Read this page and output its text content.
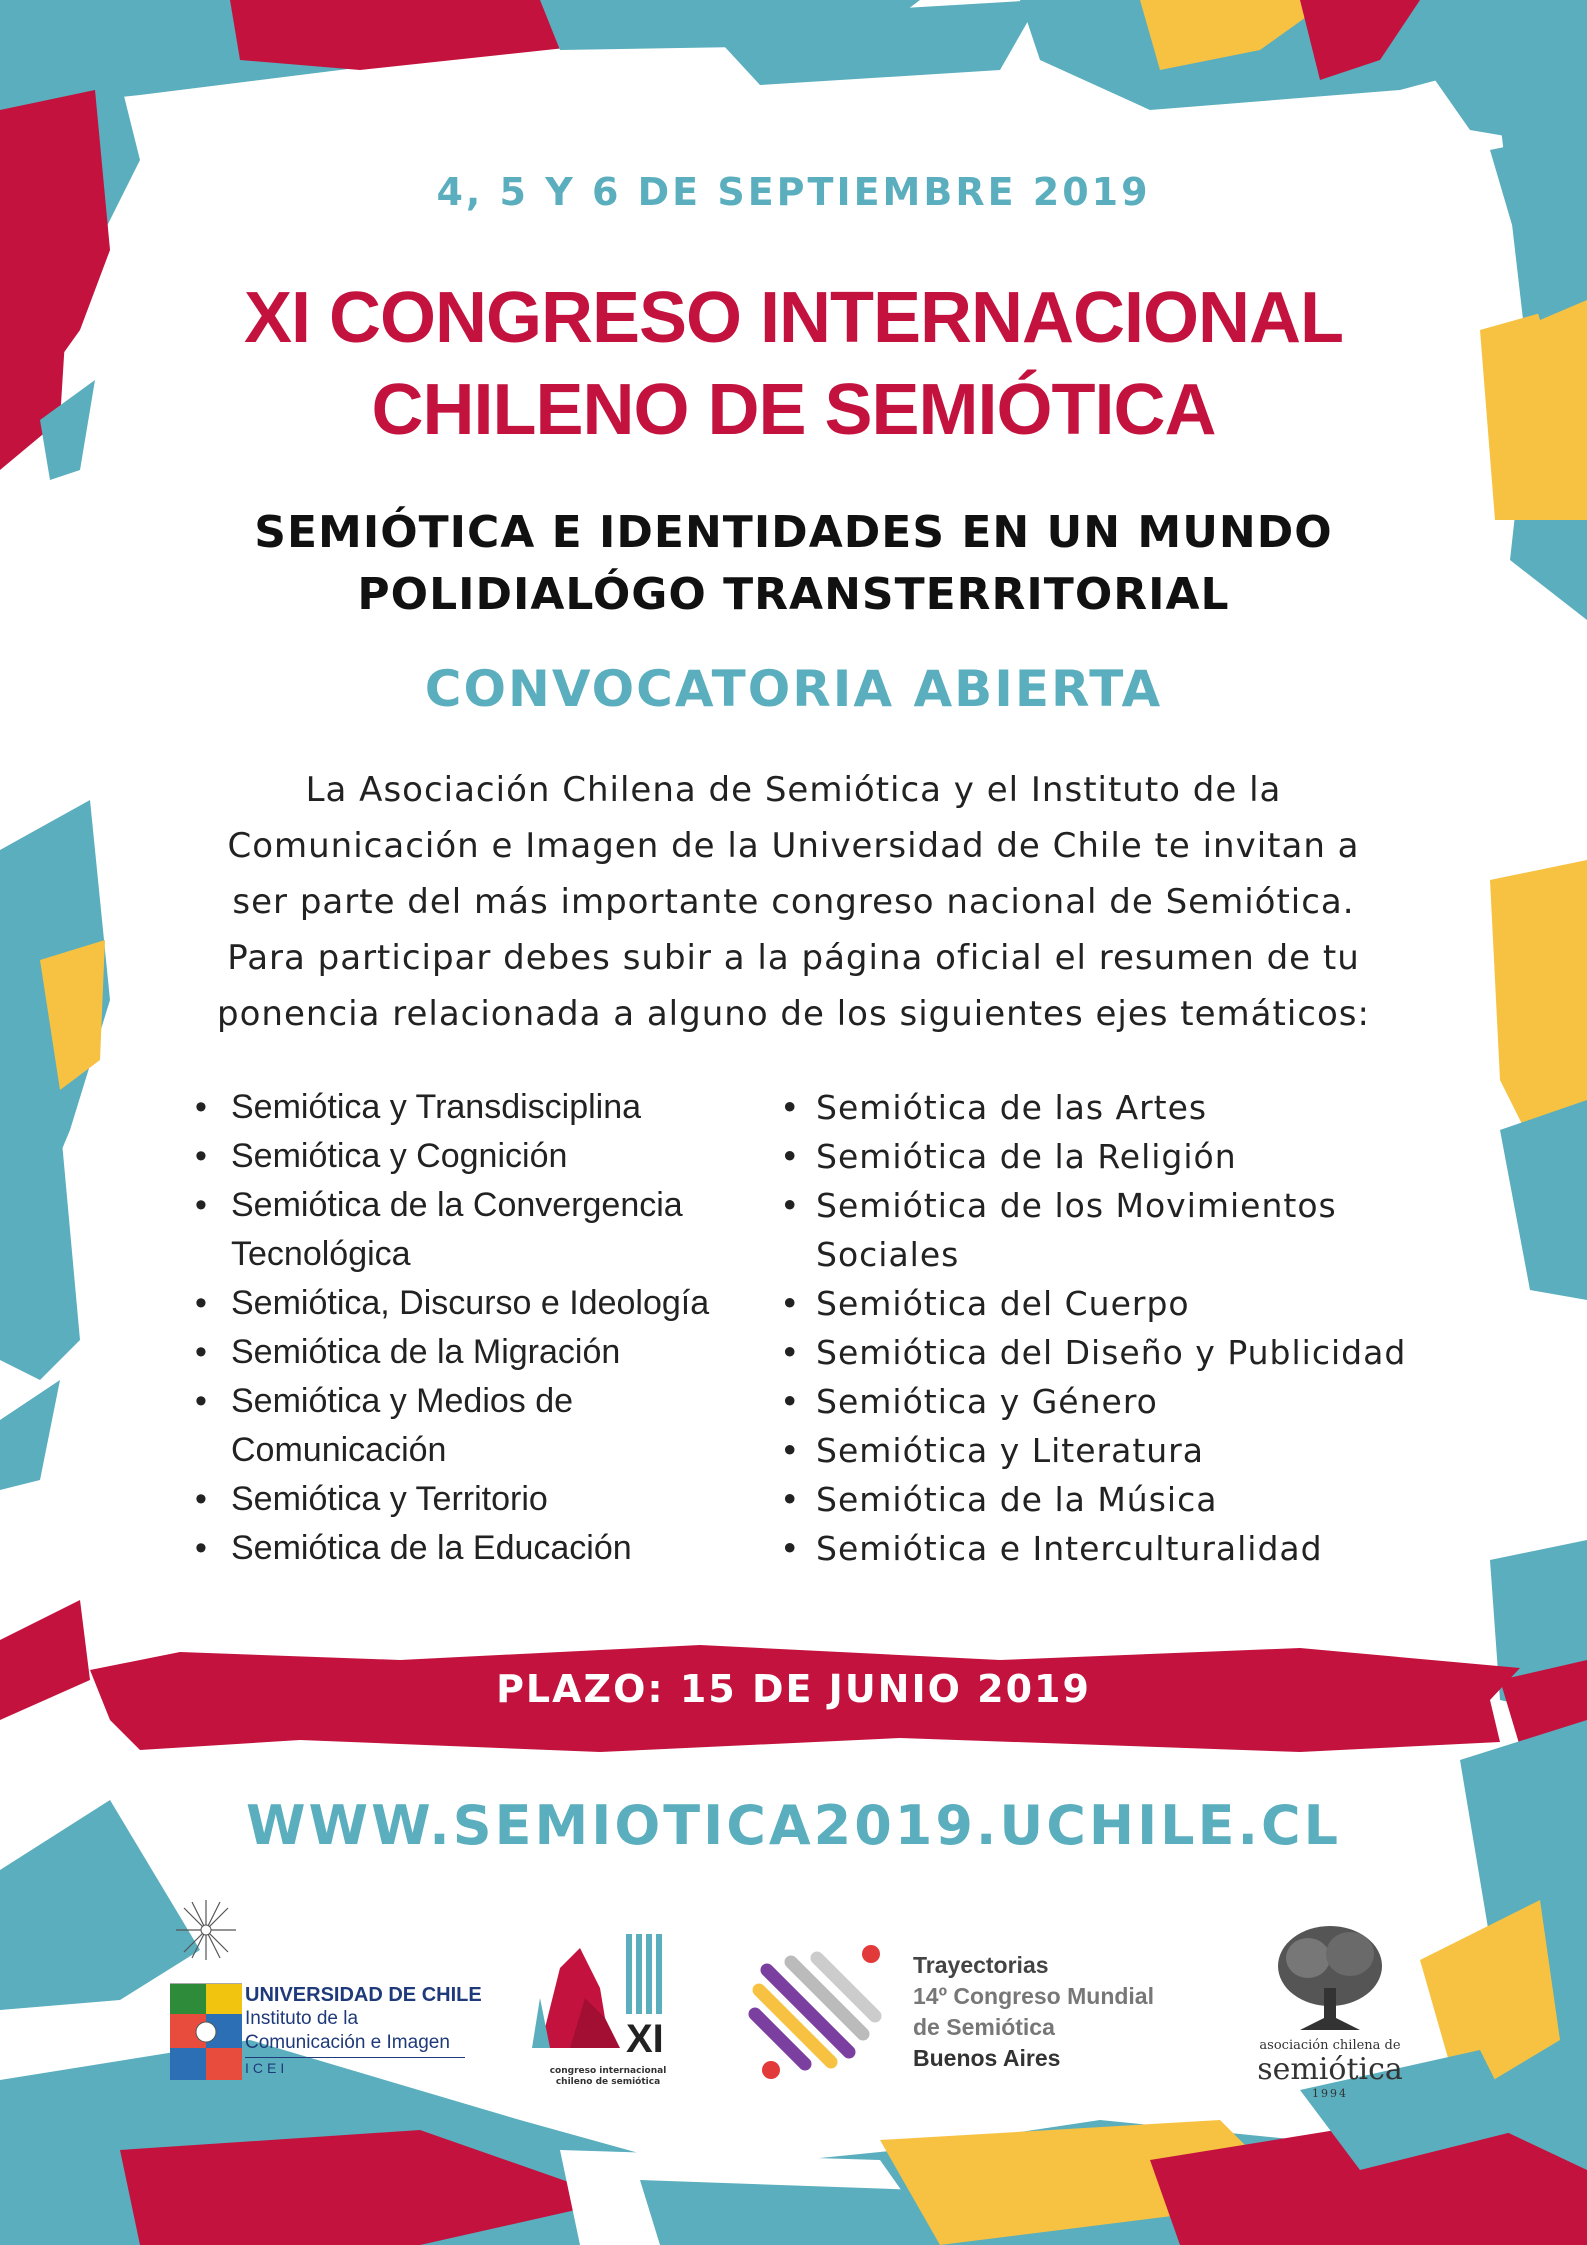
4, 5 Y 6 DE SEPTIEMBRE 2019
XI CONGRESO INTERNACIONAL
CHILENO DE SEMIÓTICA
SEMIÓTICA E IDENTIDADES EN UN MUNDO
POLIDIALÓGO TRANSTERRITORIAL
CONVOCATORIA ABIERTA
La Asociación Chilena de Semiótica y el Instituto de la
Comunicación e Imagen de la Universidad de Chile te invitan a
ser parte del más importante congreso nacional de Semiótica.
Para participar debes subir a la página oficial el resumen de tu
ponencia relacionada a alguno de los siguientes ejes temáticos:
• Semiótica y Transdisciplina
• Semiótica y Cognición
• Semiótica de la Convergencia Tecnológica
• Semiótica, Discurso e Ideología
• Semiótica de la Migración
• Semiótica y Medios de Comunicación
• Semiótica y Territorio
• Semiótica de la Educación
• Semiótica de las Artes
• Semiótica de la Religión
• Semiótica de los Movimientos Sociales
• Semiótica del Cuerpo
• Semiótica del Diseño y Publicidad
• Semiótica y Género
• Semiótica y Literatura
• Semiótica de la Música
• Semiótica e Interculturalidad
PLAZO: 15 DE JUNIO 2019
WWW.SEMIOTICA2019.UCHILE.CL
UNIVERSIDAD DE CHILE
Instituto de la
Comunicación e Imagen
ICEI
XI
congreso internacional
chileno de semiótica
Trayectorias
14º Congreso Mundial
de Semiótica
Buenos Aires	asociación chilena de
semiótica
1994
